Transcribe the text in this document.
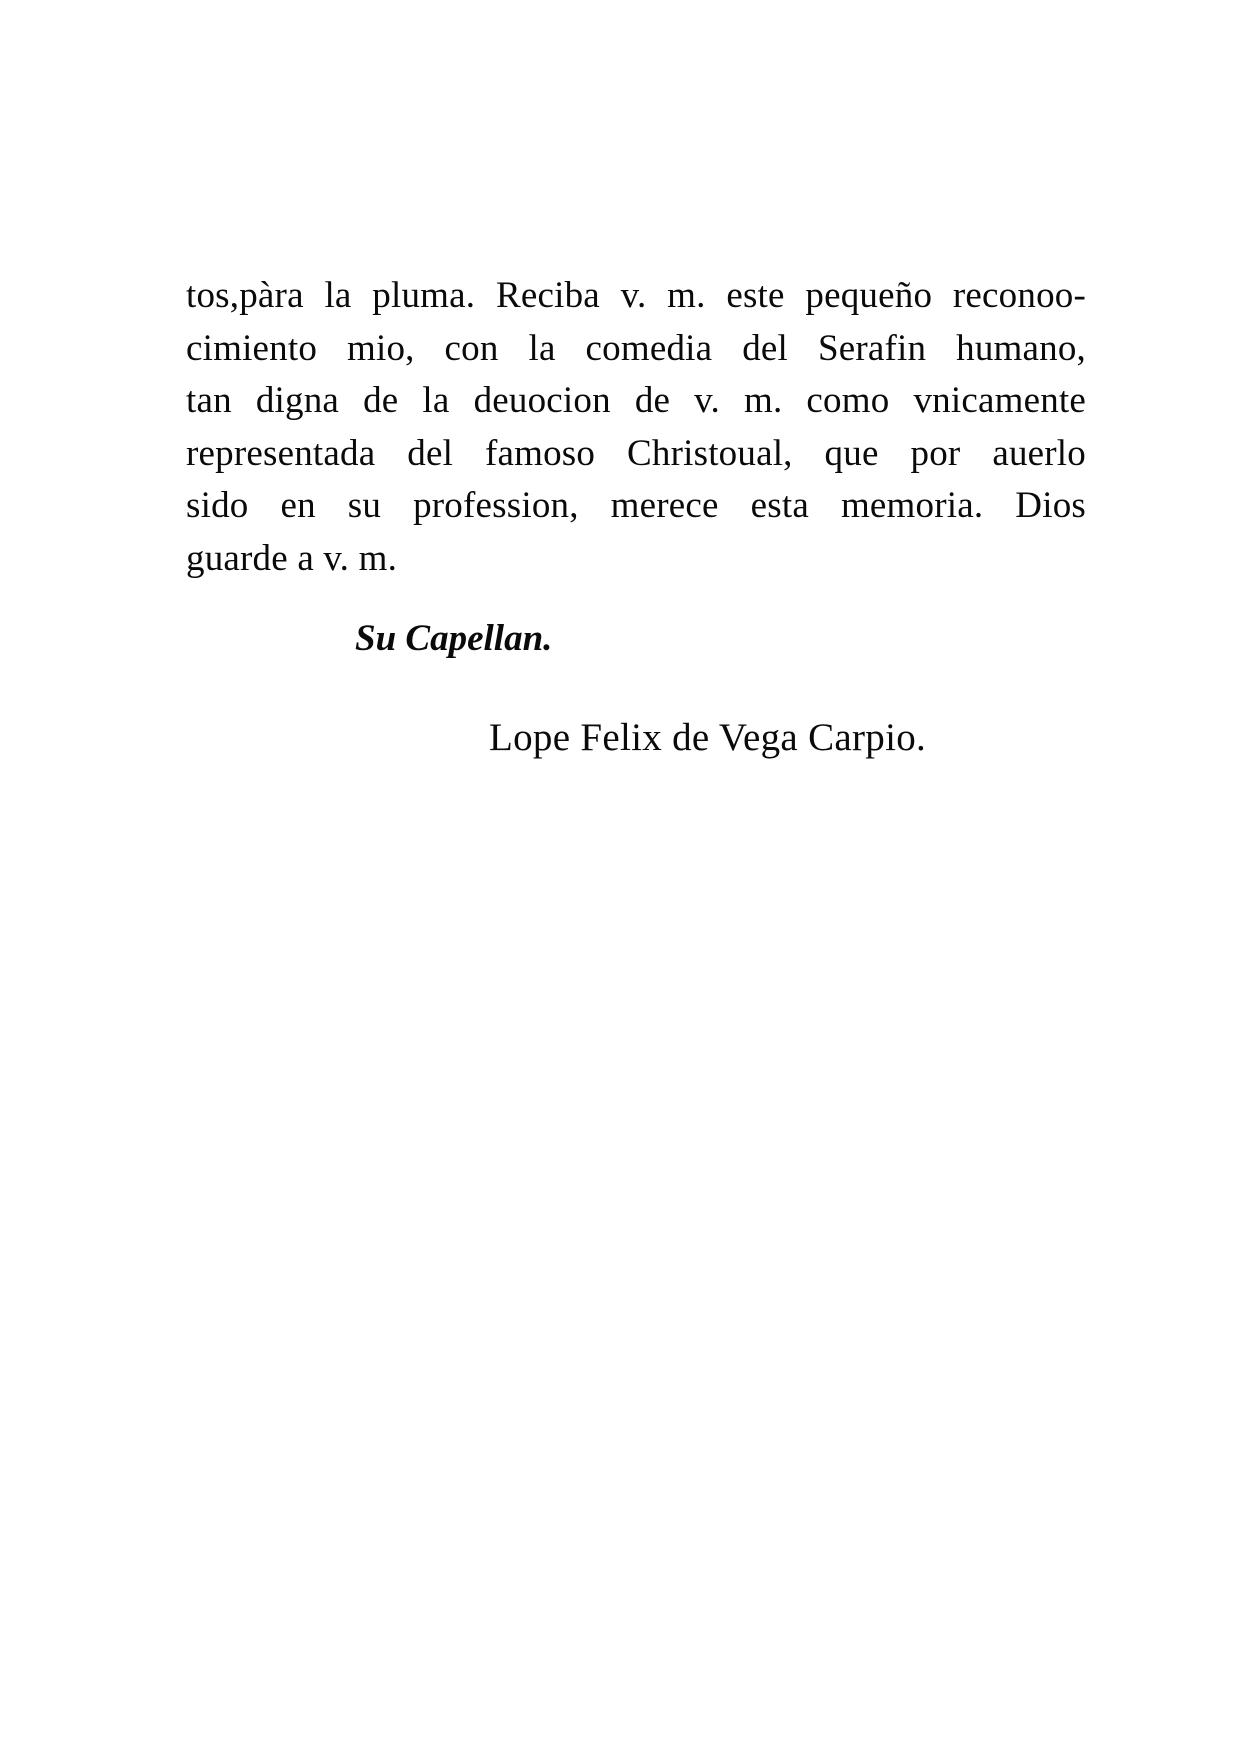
tos,pàra la pluma. Reciba v. m. este pequeño reconoo-
cimiento mio, con la comedia del Serafin humano,
tan digna de la deuocion de v. m. como vnicamente
representada del famoso Christoual, que por auerlo
sido en su profession, merece esta memoria. Dios
guarde a v. m.
Su Capellan.
Lope Felix de Vega Carpio.
